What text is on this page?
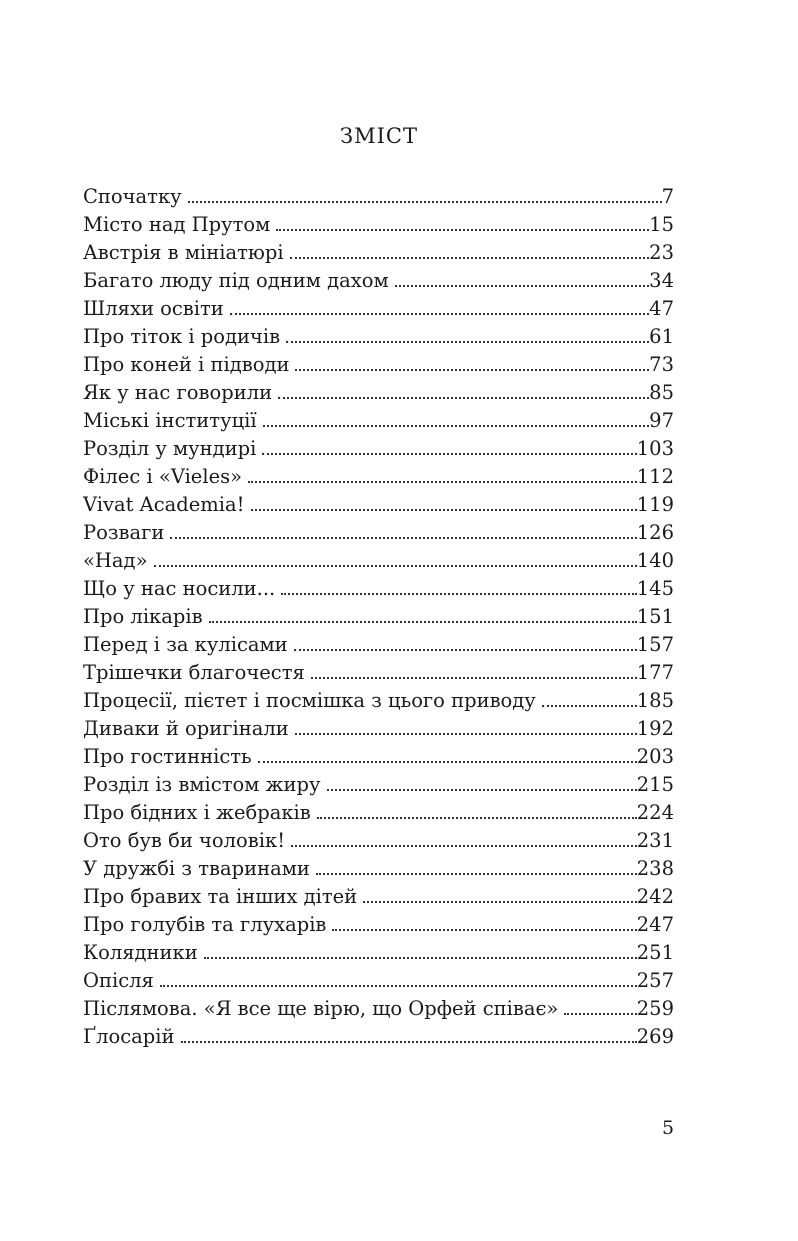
ЗМІСТ
Спочатку	7
Місто над Прутом	15
Австрія в мініатюрі	23
Багато люду під одним дахом	34
Шляхи освіти	47
Про тіток і родичів	61
Про коней і підводи	73
Як у нас говорили	85
Міські інституції	97
Розділ у мундирі	103
Філес і «Vieles»	112
Vivat Academia!	119
Розваги	126
«Над»	140
Що у нас носили...	145
Про лікарів	151
Перед і за кулісами	157
Трішечки благочестя	177
Процесії, пієтет і посмішка з цього приводу	185
Диваки й оригінали	192
Про гостинність	203
Розділ із вмістом жиру	215
Про бідних і жебраків	224
Ото був би чоловік!	231
У дружбі з тваринами	238
Про бравих та інших дітей	242
Про голубів та глухарів	247
Колядники	251
Опісля	257
Післямова. «Я все ще вірю, що Орфей співає»	259
Ґлосарій	269
5
